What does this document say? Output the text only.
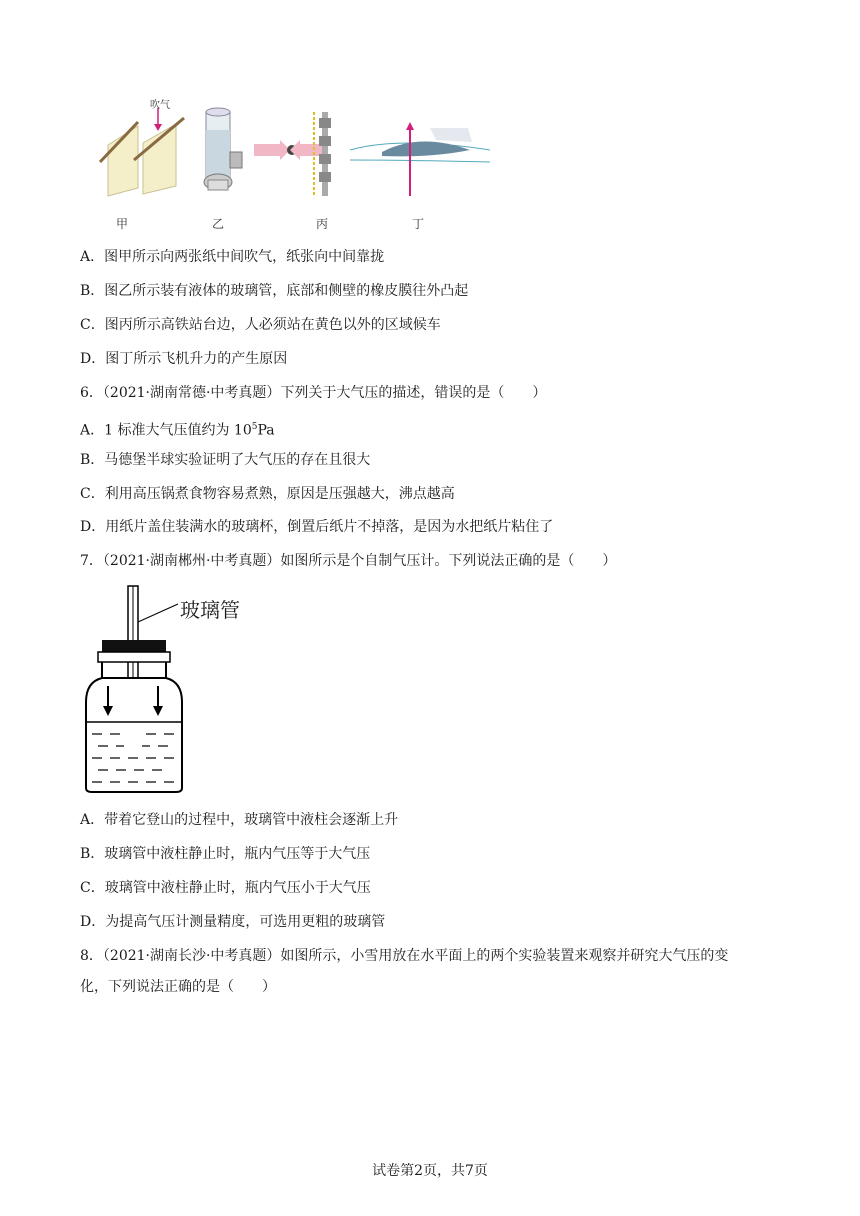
吹气
甲	乙	丙	丁
A．图甲所示向两张纸中间吹气，纸张向中间靠拢
B．图乙所示装有液体的玻璃管，底部和侧壁的橡皮膜往外凸起
C．图丙所示高铁站台边，人必须站在黄色以外的区域候车
D．图丁所示飞机升力的产生原因
6．（2021·湖南常德·中考真题）下列关于大气压的描述，错误的是（　　）
A．1 标准大气压值约为 $10^5Pa$
B．马德堡半球实验证明了大气压的存在且很大
C．利用高压锅煮食物容易煮熟，原因是压强越大，沸点越高
D．用纸片盖住装满水的玻璃杯，倒置后纸片不掉落，是因为水把纸片粘住了
7．（2021·湖南郴州·中考真题）如图所示是个自制气压计。下列说法正确的是（　　）
玻璃管
A．带着它登山的过程中，玻璃管中液柱会逐渐上升
B．玻璃管中液柱静止时，瓶内气压等于大气压
C．玻璃管中液柱静止时，瓶内气压小于大气压
D．为提高气压计测量精度，可选用更粗的玻璃管
8．（2021·湖南长沙·中考真题）如图所示，小雪用放在水平面上的两个实验装置来观察并研究大气压的变
化，下列说法正确的是（　　）
试卷第2页，共7页
